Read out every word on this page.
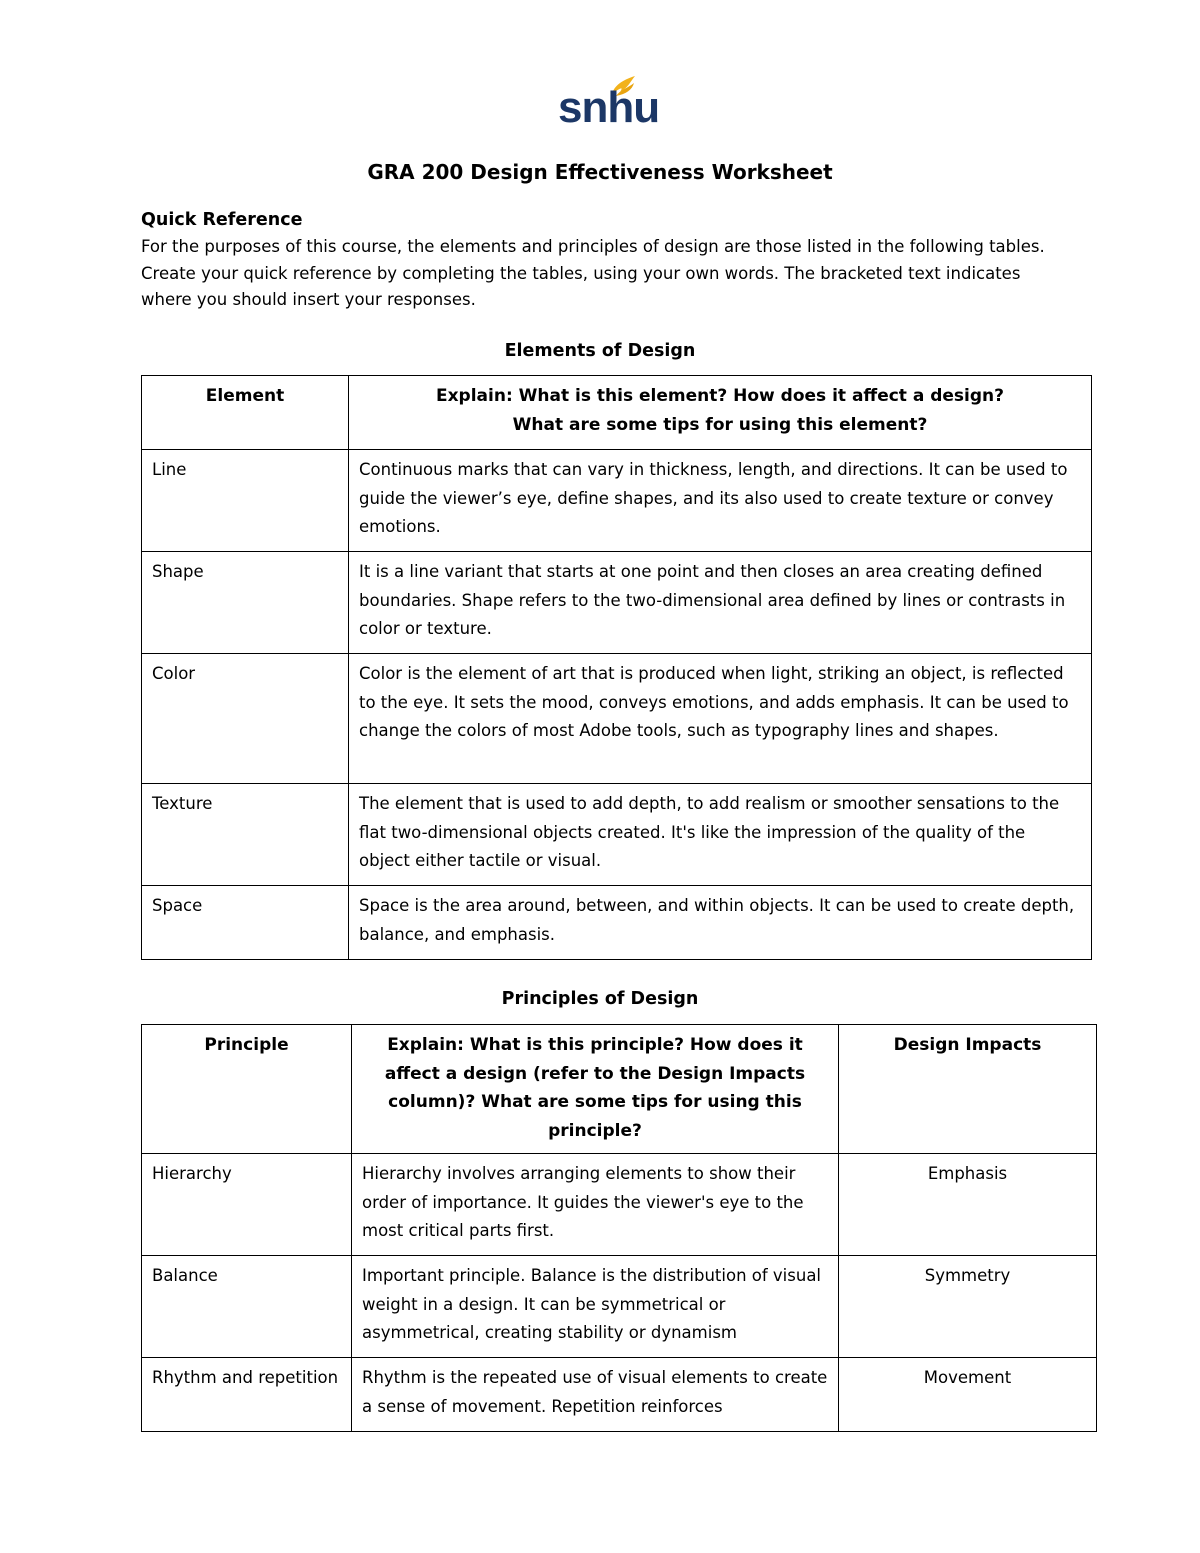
snhu
GRA 200 Design Effectiveness Worksheet
Quick Reference

For the purposes of this course, the elements and principles of design are those listed in the following tables. Create your quick reference by completing the tables, using your own words. The bracketed text indicates where you should insert your responses.

Elements of Design
Element	Explain: What is this element? How does it affect a design?
What are some tips for using this element?

Line	Continuous marks that can vary in thickness, length, and directions. It can be used to guide the viewer’s eye, define shapes, and its also used to create texture or convey emotions.
Shape	It is a line variant that starts at one point and then closes an area creating defined boundaries. Shape refers to the two-dimensional area defined by lines or contrasts in color or texture.
Color	Color is the element of art that is produced when light, striking an object, is reflected to the eye. It sets the mood, conveys emotions, and adds emphasis. It can be used to change the colors of most Adobe tools, such as typography lines and shapes.
Texture	The element that is used to add depth, to add realism or smoother sensations to the flat two-dimensional objects created. It's like the impression of the quality of the object either tactile or visual.
Space	Space is the area around, between, and within objects. It can be used to create depth, balance, and emphasis.
Principles of Design
Principle	Explain: What is this principle? How does it affect a design (refer to the Design Impacts column)? What are some tips for using this principle?	Design Impacts
Hierarchy	Hierarchy involves arranging elements to show their order of importance. It guides the viewer's eye to the most critical parts first.	Emphasis
Balance	Important principle. Balance is the distribution of visual weight in a design. It can be symmetrical or asymmetrical, creating stability or dynamism	Symmetry
Rhythm and repetition	Rhythm is the repeated use of visual elements to create a sense of movement. Repetition reinforces	Movement
